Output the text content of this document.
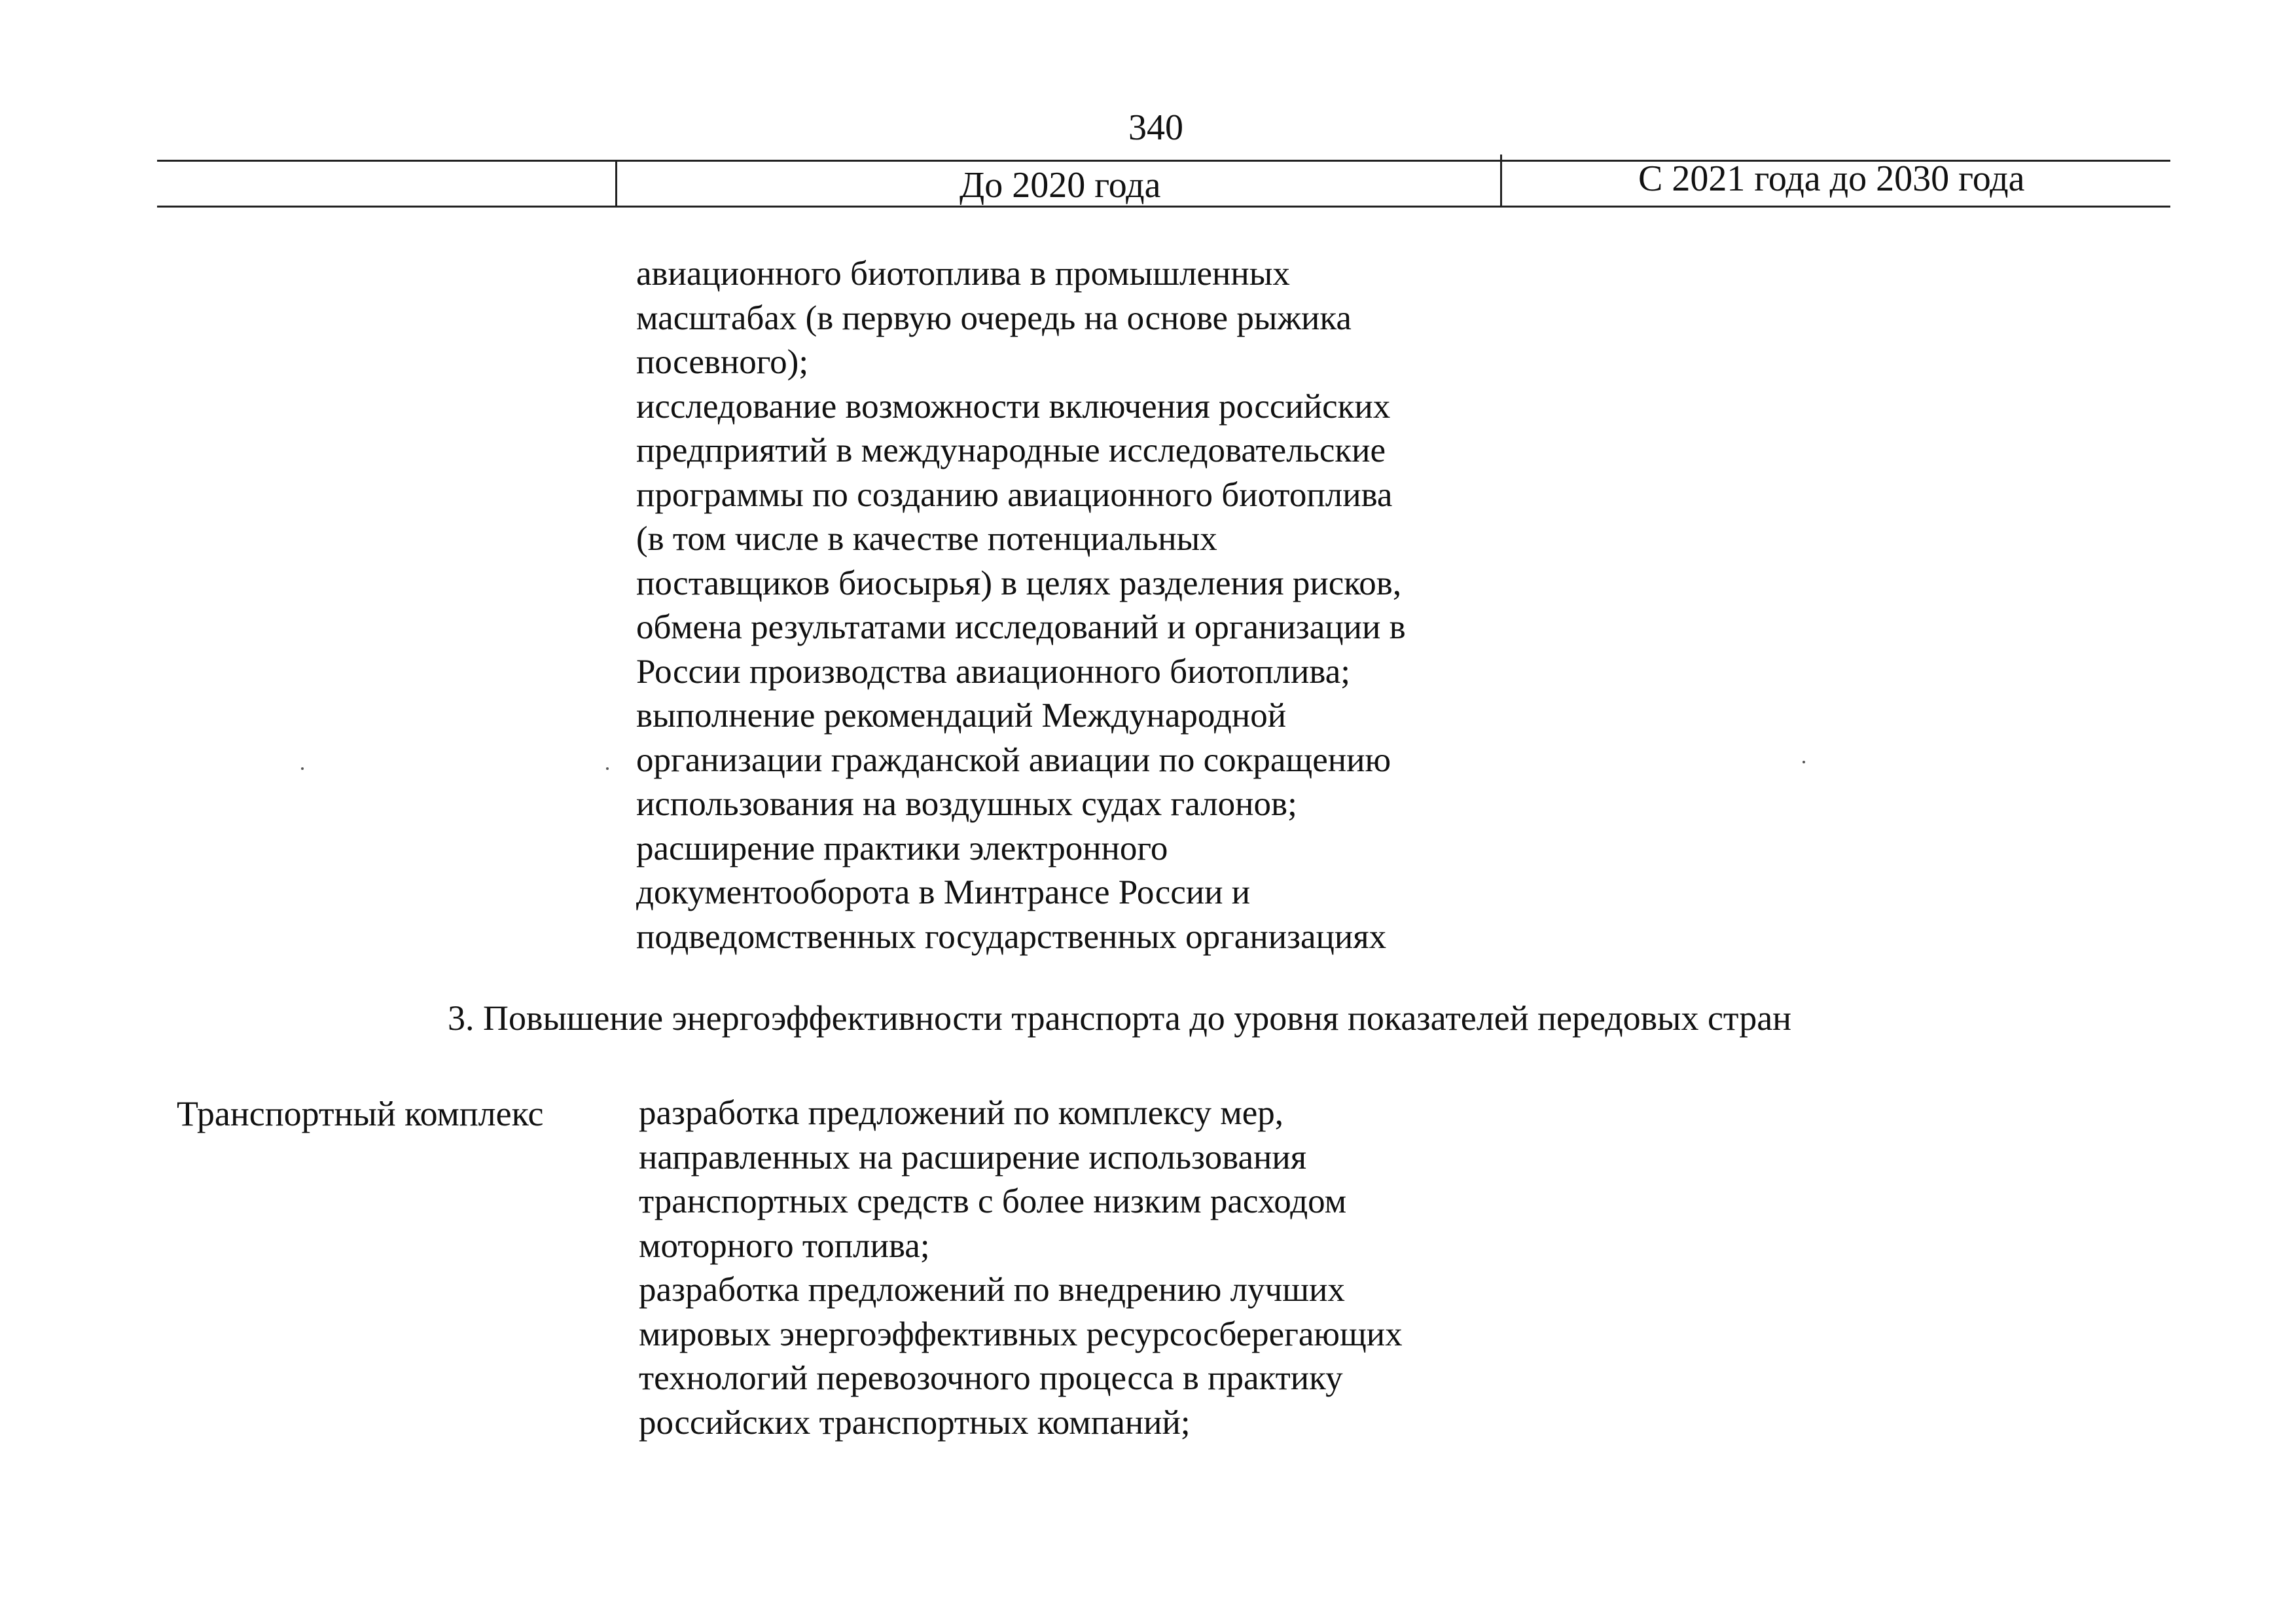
340
До 2020 года	С 2021 года до 2030 года
авиационного биотоплива в промышленных
масштабах (в первую очередь на основе рыжика
посевного);
исследование возможности включения российских
предприятий в международные исследовательские
программы по созданию авиационного биотоплива
(в том числе в качестве потенциальных
поставщиков биосырья) в целях разделения рисков,
обмена результатами исследований и организации в
России производства авиационного биотоплива;
выполнение рекомендаций Международной
организации гражданской авиации по сокращению
использования на воздушных судах галонов;
расширение практики электронного
документооборота в Минтрансе России и
подведомственных государственных организациях
3. Повышение энергоэффективности транспорта до уровня показателей передовых стран
Транспортный комплекс	разработка предложений по комплексу мер,
направленных на расширение использования
транспортных средств с более низким расходом
моторного топлива;
разработка предложений по внедрению лучших
мировых энергоэффективных ресурсосберегающих
технологий перевозочного процесса в практику
российских транспортных компаний;
